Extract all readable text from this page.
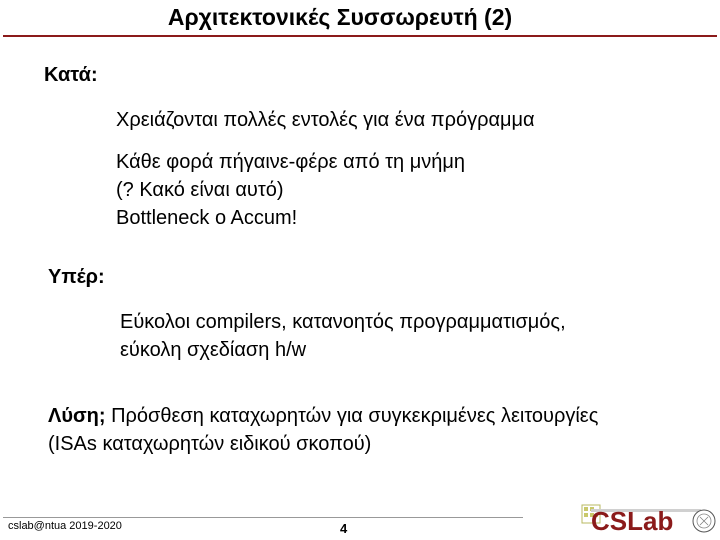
Αρχιτεκτονικές Συσσωρευτή (2)
Κατά:
Χρειάζονται πολλές εντολές για ένα πρόγραμμα
Κάθε φορά πήγαινε-φέρε από τη μνήμη
(? Κακό είναι αυτό)
Bottleneck o Accum!
Υπέρ:
Εύκολοι compilers, κατανοητός προγραμματισμός,
εύκολη σχεδίαση h/w
Λύση; Πρόσθεση καταχωρητών για συγκεκριμένες λειτουργίες
(ISAs καταχωρητών ειδικού σκοπού)
cslab@ntua 2019-2020	4	CSLab
